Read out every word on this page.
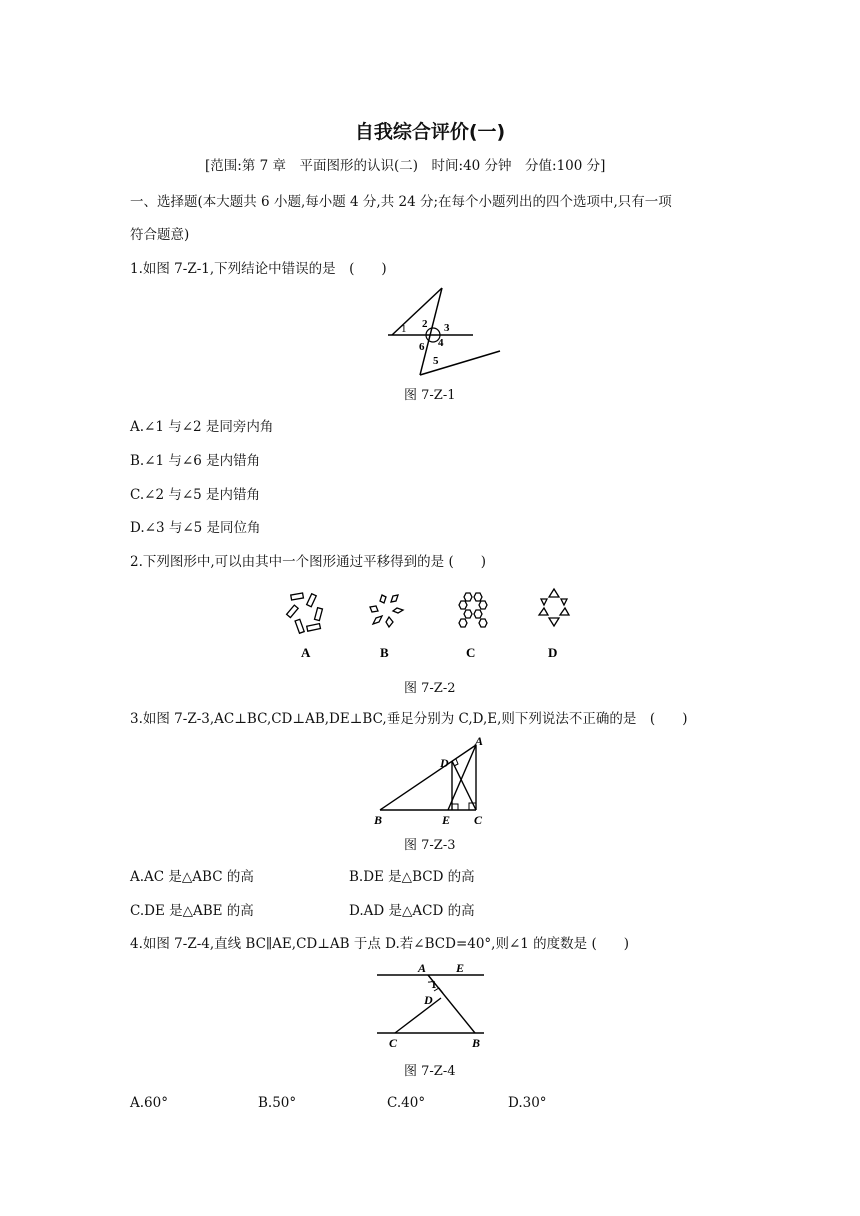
自我综合评价(一)
[范围:第 7 章　平面图形的认识(二)　时间:40 分钟　分值:100 分]
一、选择题(本大题共 6 小题,每小题 4 分,共 24 分;在每个小题列出的四个选项中,只有一项
符合题意)
1.如图 7-Z-1,下列结论中错误的是　(　　)
1 2 3
4
5
6
图 7-Z-1
A.∠1 与∠2 是同旁内角
B.∠1 与∠6 是内错角
C.∠2 与∠5 是内错角
D.∠3 与∠5 是同位角
2.下列图形中,可以由其中一个图形通过平移得到的是 (　　)
A	B	C	D
图 7-Z-2
3.如图 7-Z-3,AC⊥BC,CD⊥AB,DE⊥BC,垂足分别为 C,D,E,则下列说法不正确的是　(　　)
A
D
B	E C
图 7-Z-3
A.AC 是△ABC 的高	B.DE 是△BCD 的高
C.DE 是△ABE 的高	D.AD 是△ACD 的高
4.如图 7-Z-4,直线 BC∥AE,CD⊥AB 于点 D.若∠BCD=40°,则∠1 的度数是 (　　)
A E
1
D
C	B
图 7-Z-4
A.60°	B.50°	C.40°	D.30°
